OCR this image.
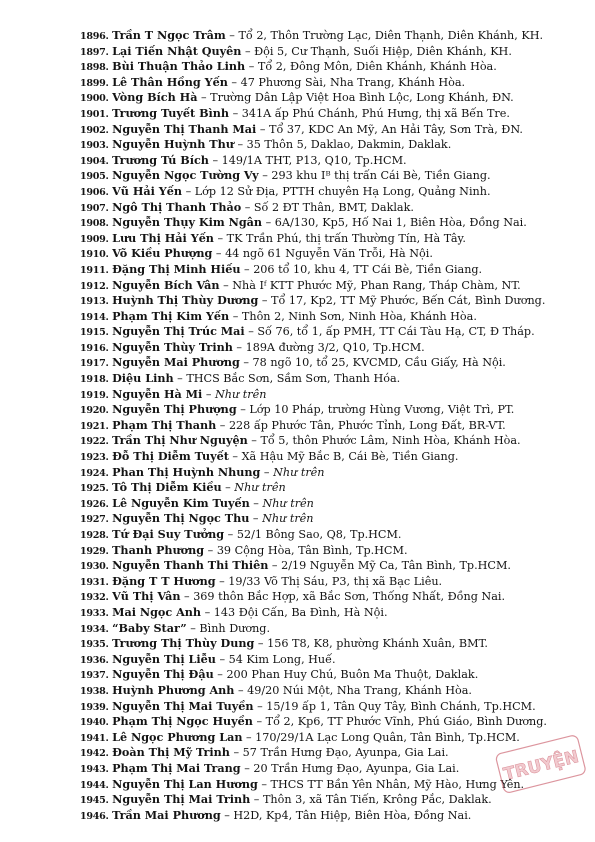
1896. Trần T Ngọc Trâm – Tổ 2, Thôn Trường Lạc, Diên Thạnh, Diên Khánh, KH.
1897. Lại Tiến Nhật Quyên – Đội 5, Cư Thạnh, Suối Hiệp, Diên Khánh, KH.
1898. Bùi Thuận Thảo Linh – Tổ 2, Đông Môn, Diên Khánh, Khánh Hòa.
1899. Lê Thân Hồng Yến – 47 Phương Sài, Nha Trang, Khánh Hòa.
1900. Vòng Bích Hà – Trường Dân Lập Việt Hoa Bình Lộc, Long Khánh, ĐN.
1901. Trương Tuyết Bình – 341A ấp Phú Chánh, Phú Hưng, thị xã Bến Tre.
1902. Nguyễn Thị Thanh Mai – Tổ 37, KDC An Mỹ, An Hải Tây, Sơn Trà, ĐN.
1903. Nguyễn Huỳnh Thư – 35 Thôn 5, Daklao, Dakmin, Daklak.
1904. Trương Tú Bích – 149/1A THT, P13, Q10, Tp.HCM.
1905. Nguyễn Ngọc Tường Vy – 293 khu Iᴮ thị trấn Cái Bè, Tiền Giang.
1906. Vũ Hải Yến – Lớp 12 Sử Địa, PTTH chuyên Hạ Long, Quảng Ninh.
1907. Ngô Thị Thanh Thảo – Số 2 ĐT Thân, BMT, Daklak.
1908. Nguyễn Thụy Kim Ngân – 6A/130, Kp5, Hố Nai 1, Biên Hòa, Đồng Nai.
1909. Lưu Thị Hải Yến – TK Trần Phú, thị trấn Thường Tín, Hà Tây.
1910. Võ Kiều Phượng – 44 ngõ 61 Nguyễn Văn Trỗi, Hà Nội.
1911. Đặng Thị Minh Hiếu – 206 tổ 10, khu 4, TT Cái Bè, Tiền Giang.
1912. Nguyễn Bích Vân – Nhà Iᶠ KTT Phước Mỹ, Phan Rang, Tháp Chàm, NT.
1913. Huỳnh Thị Thùy Dương – Tổ 17, Kp2, TT Mỹ Phước, Bến Cát, Bình Dương.
1914. Phạm Thị Kim Yến – Thôn 2, Ninh Sơn, Ninh Hòa, Khánh Hòa.
1915. Nguyễn Thị Trúc Mai – Số 76, tổ 1, ấp PMH, TT Cái Tàu Hạ, CT, Đ Tháp.
1916. Nguyễn Thùy Trinh – 189A đường 3/2, Q10, Tp.HCM.
1917. Nguyễn Mai Phương – 78 ngõ 10, tổ 25, KVCMD, Cầu Giấy, Hà Nội.
1918. Diệu Linh – THCS Bắc Sơn, Sầm Sơn, Thanh Hóa.
1919. Nguyễn Hà Mi – Như trên
1920. Nguyễn Thị Phượng – Lớp 10 Pháp, trường Hùng Vương, Việt Trì, PT.
1921. Phạm Thị Thanh – 228 ấp Phước Tân, Phước Tỉnh, Long Đất, BR-VT.
1922. Trần Thị Như Nguyện – Tổ 5, thôn Phước Lâm, Ninh Hòa, Khánh Hòa.
1923. Đỗ Thị Diễm Tuyết – Xã Hậu Mỹ Bắc B, Cái Bè, Tiền Giang.
1924. Phan Thị Huỳnh Nhung – Như trên
1925. Tô Thị Diễm Kiều – Như trên
1926. Lê Nguyễn Kim Tuyến – Như trên
1927. Nguyễn Thị Ngọc Thu – Như trên
1928. Tứ Đại Suy Tưởng – 52/1 Bông Sao, Q8, Tp.HCM.
1929. Thanh Phương – 39 Cộng Hòa, Tân Bình, Tp.HCM.
1930. Nguyễn Thanh Thi Thiên – 2/19 Nguyễn Mỹ Ca, Tân Bình, Tp.HCM.
1931. Đặng T T Hương – 19/33 Võ Thị Sáu, P3, thị xã Bạc Liêu.
1932. Vũ Thị Vân – 369 thôn Bắc Hợp, xã Bắc Sơn, Thống Nhất, Đồng Nai.
1933. Mai Ngọc Anh – 143 Đội Cấn, Ba Đình, Hà Nội.
1934. “Baby Star” – Bình Dương.
1935. Trương Thị Thùy Dung – 156 T8, K8, phường Khánh Xuân, BMT.
1936. Nguyễn Thị Liễu – 54 Kim Long, Huế.
1937. Nguyễn Thị Đậu – 200 Phan Huy Chú, Buôn Ma Thuột, Daklak.
1938. Huỳnh Phương Anh – 49/20 Núi Một, Nha Trang, Khánh Hòa.
1939. Nguyễn Thị Mai Tuyền – 15/19 ấp 1, Tân Quy Tây, Bình Chánh, Tp.HCM.
1940. Phạm Thị Ngọc Huyền – Tổ 2, Kp6, TT Phước Vĩnh, Phú Giáo, Bình Dương.
1941. Lê Ngọc Phương Lan – 170/29/1A Lạc Long Quân, Tân Bình, Tp.HCM.
1942. Đoàn Thị Mỹ Trinh – 57 Trần Hưng Đạo, Ayunpa, Gia Lai.
1943. Phạm Thị Mai Trang – 20 Trần Hưng Đạo, Ayunpa, Gia Lai.
1944. Nguyễn Thị Lan Hương – THCS TT Bần Yên Nhân, Mỹ Hào, Hưng Yên.
1945. Nguyễn Thị Mai Trinh – Thôn 3, xã Tân Tiến, Krông Pắc, Daklak.
1946. Trần Mai Phương – H2D, Kp4, Tân Hiệp, Biên Hòa, Đồng Nai.
TRUYỆN
